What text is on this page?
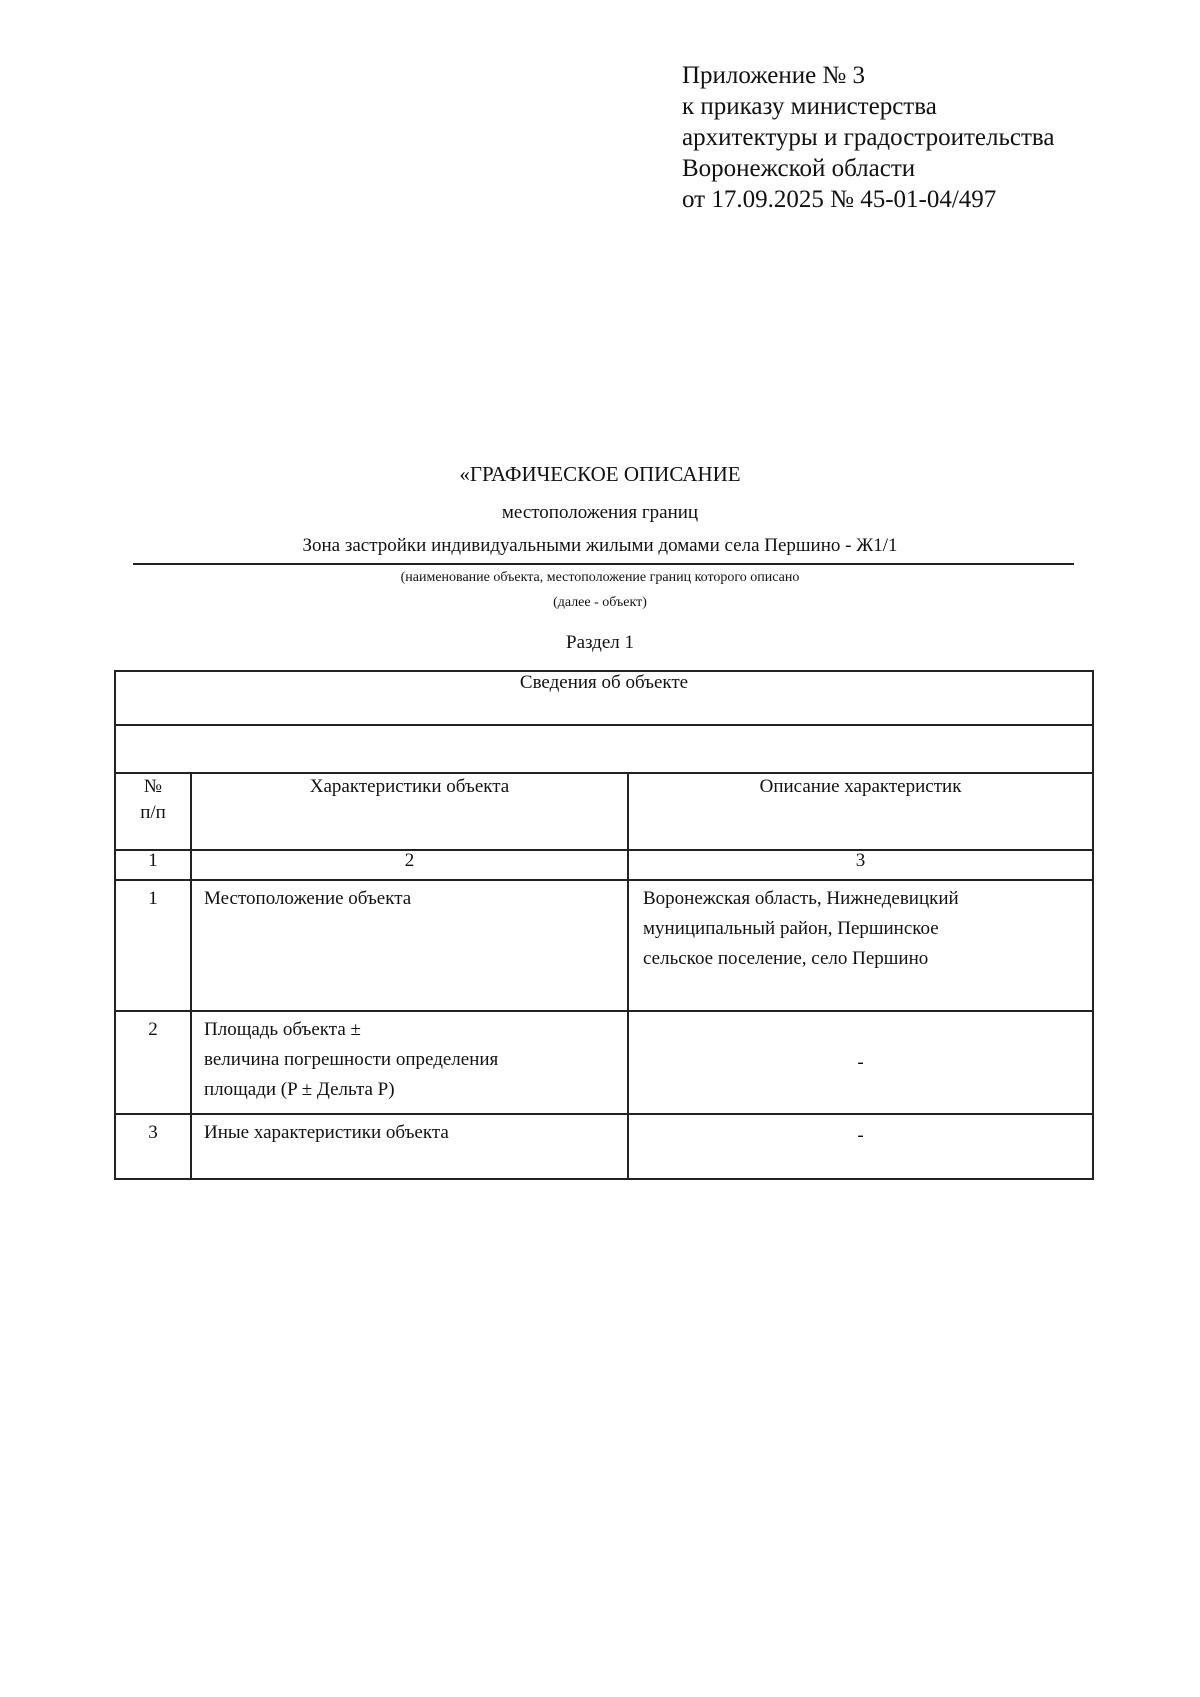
Приложение № 3
к приказу министерства
архитектуры и градостроительства
Воронежской области
от 17.09.2025 № 45-01-04/497
«ГРАФИЧЕСКОЕ ОПИСАНИЕ
местоположения границ
Зона застройки индивидуальными жилыми домами села Першино - Ж1/1
(наименование объекта, местоположение границ которого описано
(далее - объект)
Раздел 1
Сведения об объекте		

№
п/п	Характеристики объекта	Описание характеристик
1	2	3
1	Местоположение объекта	Воронежская область, Нижнедевицкий
муниципальный район, Першинское
сельское поселение, село Першино

2	Площадь объекта ±
величина погрешности определения
площади (P ± Дельта P)	-
3	Иные характеристики объекта	-
